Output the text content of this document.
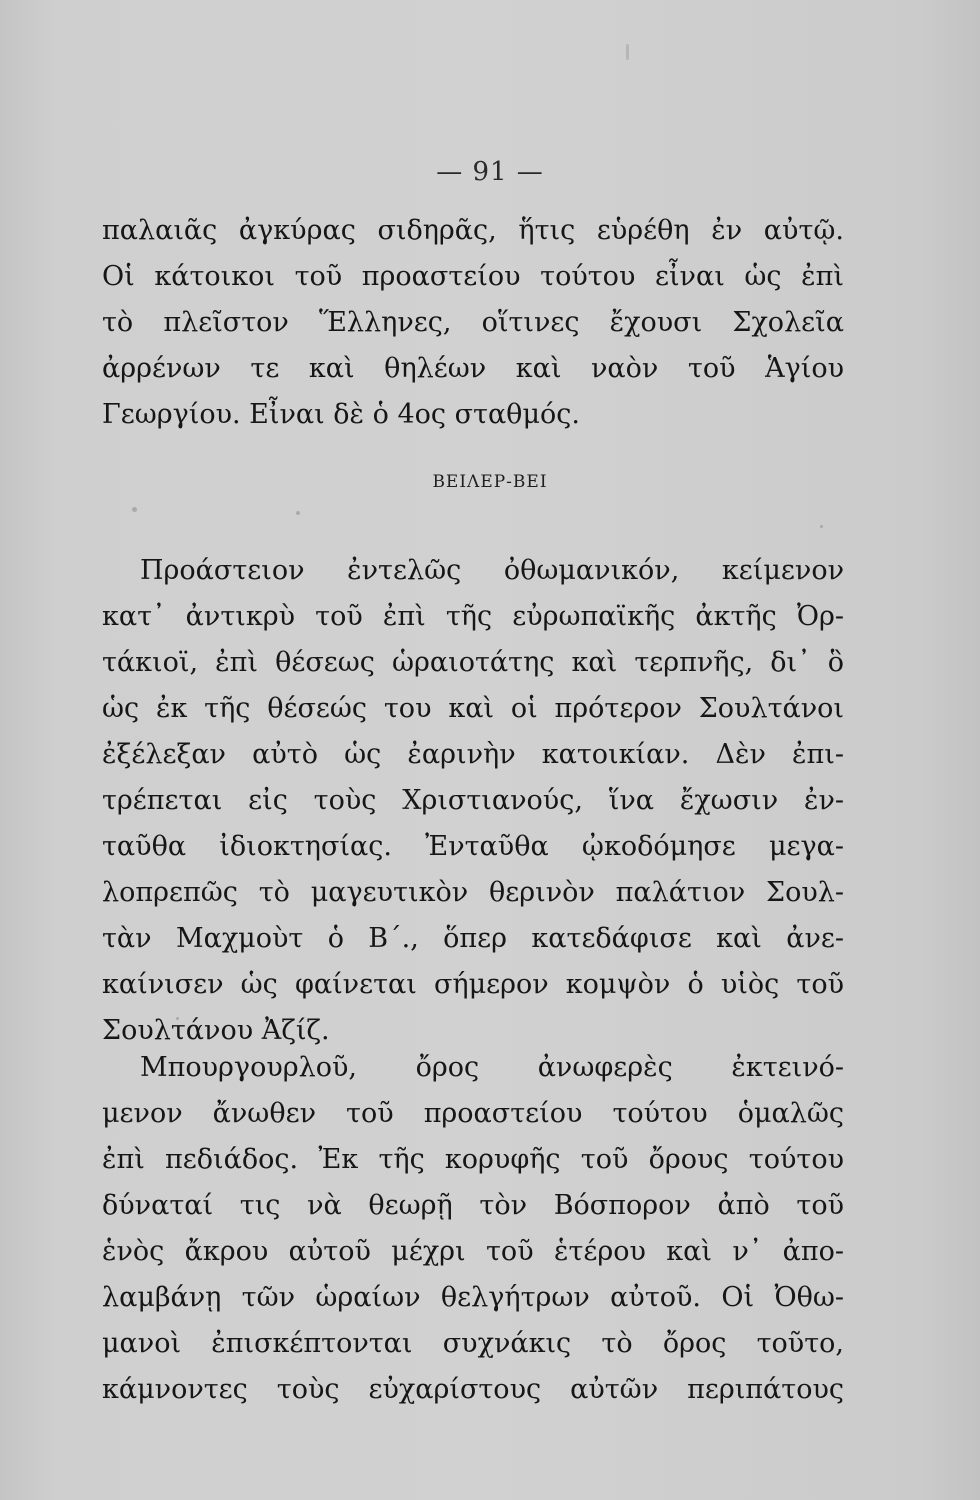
— 91 —
παλαιᾶς ἀγκύρας σιδηρᾶς, ἥτις εὑρέθη ἐν αὐτῷ.
Οἱ κάτοικοι τοῦ προαστείου τούτου εἶναι ὡς ἐπὶ
τὸ πλεῖστον Ἕλληνες, οἵτινες ἔχουσι Σχολεῖα
ἀρρένων τε καὶ θηλέων καὶ ναὸν τοῦ Ἁγίου
Γεωργίου. Εἶναι δὲ ὁ 4ος σταθμός.
ΒΕΙΛΕΡ-ΒΕΙ
Προάστειον ἐντελῶς ὀθωμανικόν, κείμενον
κατ᾽ ἀντικρὺ τοῦ ἐπὶ τῆς εὐρωπαϊκῆς ἀκτῆς Ὀρ-
τάκιοϊ, ἐπὶ θέσεως ὡραιοτάτης καὶ τερπνῆς, δι᾽ ὃ
ὡς ἐκ τῆς θέσεώς του καὶ οἱ πρότερον Σουλτάνοι
ἐξέλεξαν αὐτὸ ὡς ἐαρινὴν κατοικίαν. Δὲν ἐπι-
τρέπεται εἰς τοὺς Χριστιανούς, ἵνα ἔχωσιν ἐν-
ταῦθα ἰδιοκτησίας. Ἐνταῦθα ᾠκοδόμησε μεγα-
λοπρεπῶς τὸ μαγευτικὸν θερινὸν παλάτιον Σουλ-
τὰν Μαχμοὺτ ὁ Β΄., ὅπερ κατεδάφισε καὶ ἀνε-
καίνισεν ὡς φαίνεται σήμερον κομψὸν ὁ υἱὸς τοῦ
Σουλτάνου Ἀζίζ.
Μπουργουρλοῦ, ὄρος ἀνωφερὲς ἐκτεινό-
μενον ἄνωθεν τοῦ προαστείου τούτου ὁμαλῶς
ἐπὶ πεδιάδος. Ἐκ τῆς κορυφῆς τοῦ ὄρους τούτου
δύναταί τις νὰ θεωρῇ τὸν Βόσπορον ἀπὸ τοῦ
ἑνὸς ἄκρου αὐτοῦ μέχρι τοῦ ἑτέρου καὶ ν᾽ ἀπο-
λαμβάνῃ τῶν ὡραίων θελγήτρων αὐτοῦ. Οἱ Ὀθω-
μανοὶ ἐπισκέπτονται συχνάκις τὸ ὄρος τοῦτο,
κάμνοντες τοὺς εὐχαρίστους αὐτῶν περιπάτους
